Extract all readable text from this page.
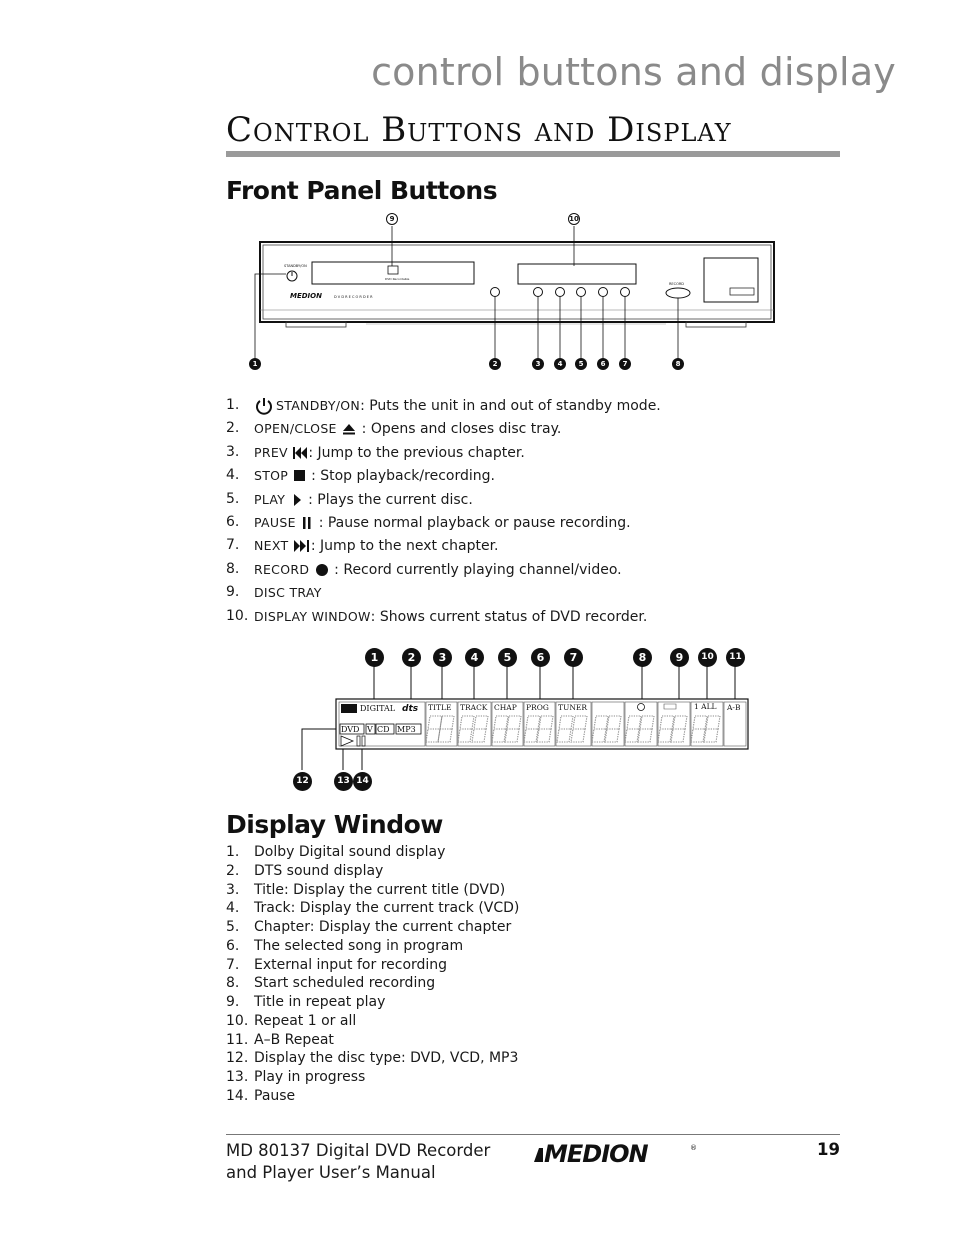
control buttons and display
Control Buttons and Display
Front Panel Buttons
STANDBY/ON
DVD Recordable
MEDION	D V D R E C O R D E R
RECORD
9	10
1	2	3	4	5	6	7	8
1.	STANDBY/ON: Puts the unit in and out of standby mode.
2. OPEN/CLOSE : Opens and closes disc tray.
3. PREV : Jump to the previous chapter.
4. STOP : Stop playback/recording.
5. PLAY : Plays the current disc.
6. PAUSE : Pause normal playback or pause recording.
7. NEXT : Jump to the next chapter.
8. RECORD : Record currently playing channel/video.
9. DISC TRAY
10. DISPLAY WINDOW: Shows current status of DVD recorder.
DIGITAL dts
DVD V CD MP3
TITLE TRACK CHAP PROG TUNER	1 ALL A-B
1	2	3	4	5	6	7	8	9	10	11
12	13 14
Display Window
1. Dolby Digital sound display
2. DTS sound display
3. Title: Display the current title (DVD)
4. Track: Display the current track (VCD)
5. Chapter: Display the current chapter
6. The selected song in program
7. External input for recording
8. Start scheduled recording
9. Title in repeat play
10. Repeat 1 or all
11. A–B Repeat
12. Display the disc type: DVD, VCD, MP3
13. Play in progress
14. Pause
MD 80137 Digital DVD Recorder
and Player User’s Manual
MEDION	®	19
